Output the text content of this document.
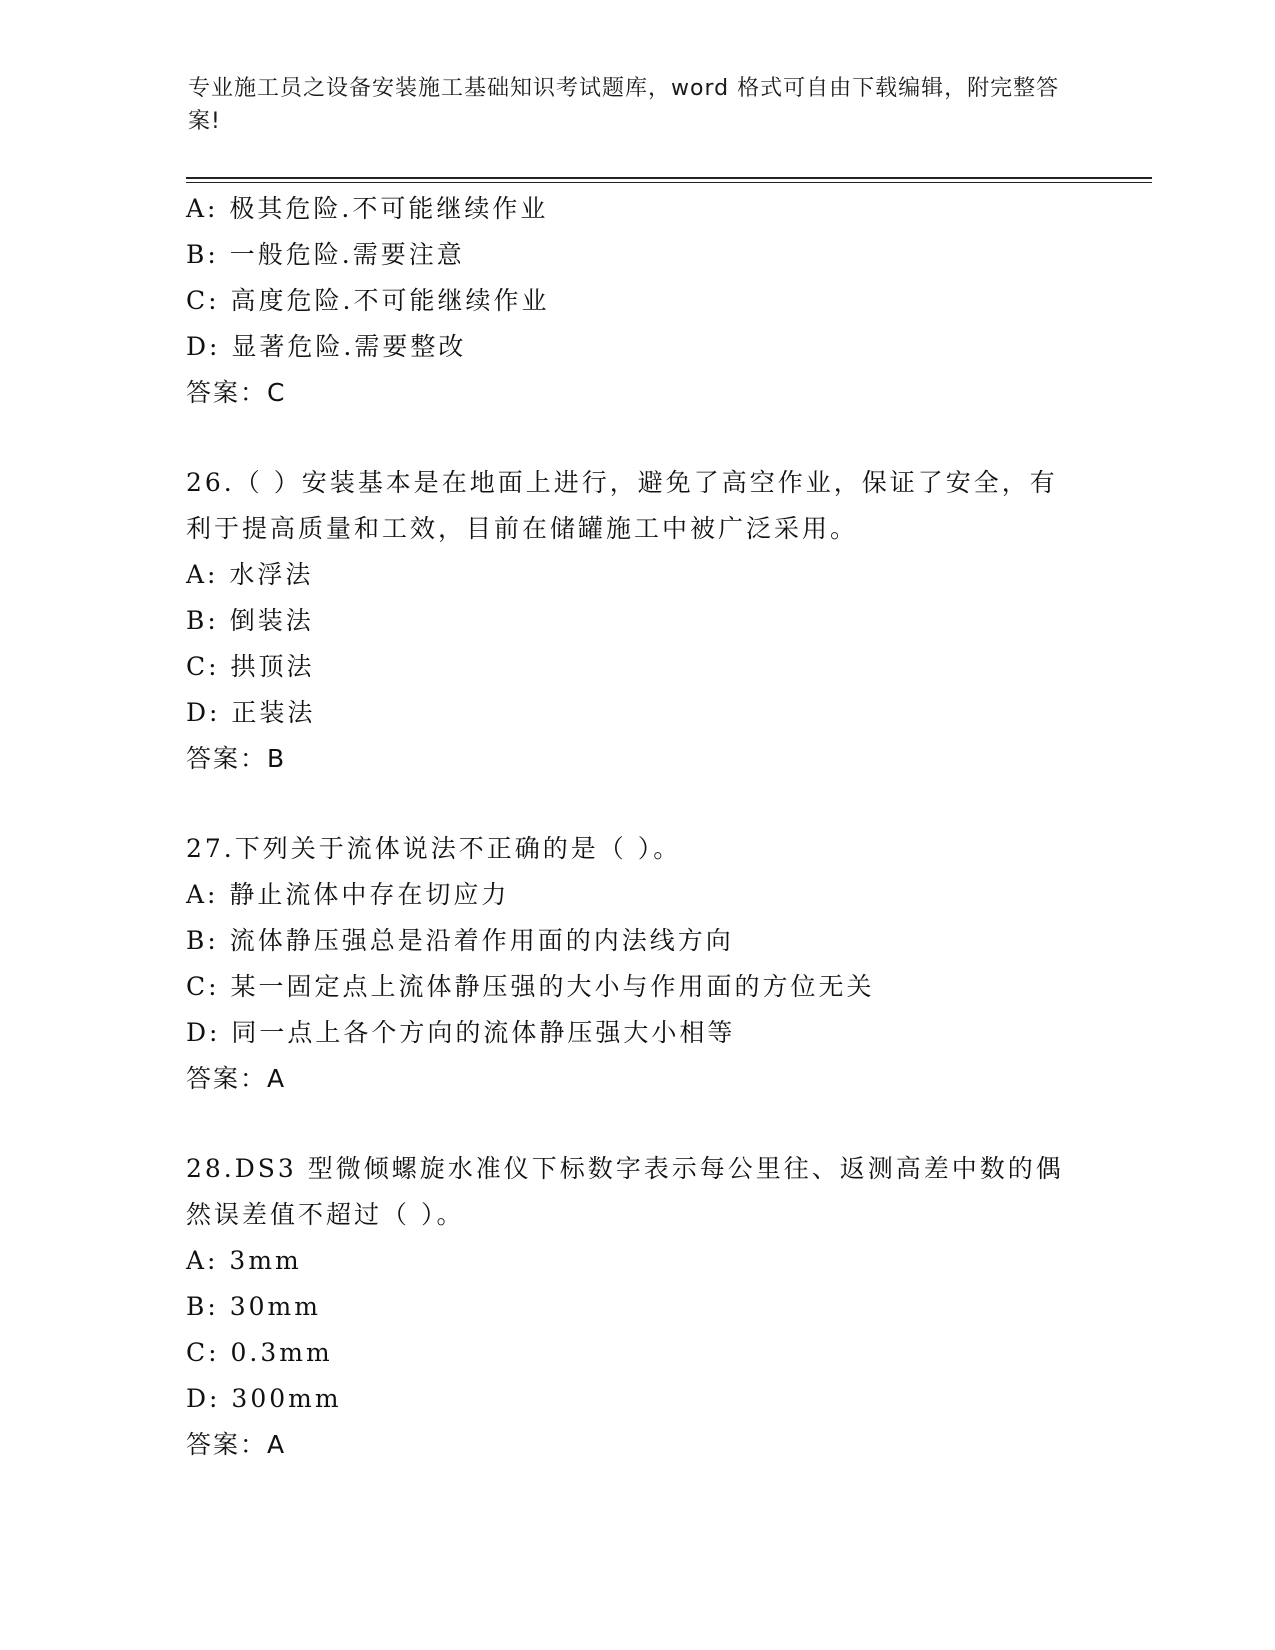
专业施工员之设备安装施工基础知识考试题库，word 格式可自由下载编辑，附完整答案!
A: 极其危险.不可能继续作业
B: 一般危险.需要注意
C: 高度危险.不可能继续作业
D: 显著危险.需要整改
答案：C
26.（ ）安装基本是在地面上进行，避免了高空作业，保证了安全，有利于提高质量和工效，目前在储罐施工中被广泛采用。
A: 水浮法
B: 倒装法
C: 拱顶法
D: 正装法
答案：B
27.下列关于流体说法不正确的是（ ）。
A: 静止流体中存在切应力
B: 流体静压强总是沿着作用面的内法线方向
C: 某一固定点上流体静压强的大小与作用面的方位无关
D: 同一点上各个方向的流体静压强大小相等
答案：A
28.DS3 型微倾螺旋水准仪下标数字表示每公里往、返测高差中数的偶然误差值不超过（ ）。
A: 3mm
B: 30mm
C: 0.3mm
D: 300mm
答案：A
